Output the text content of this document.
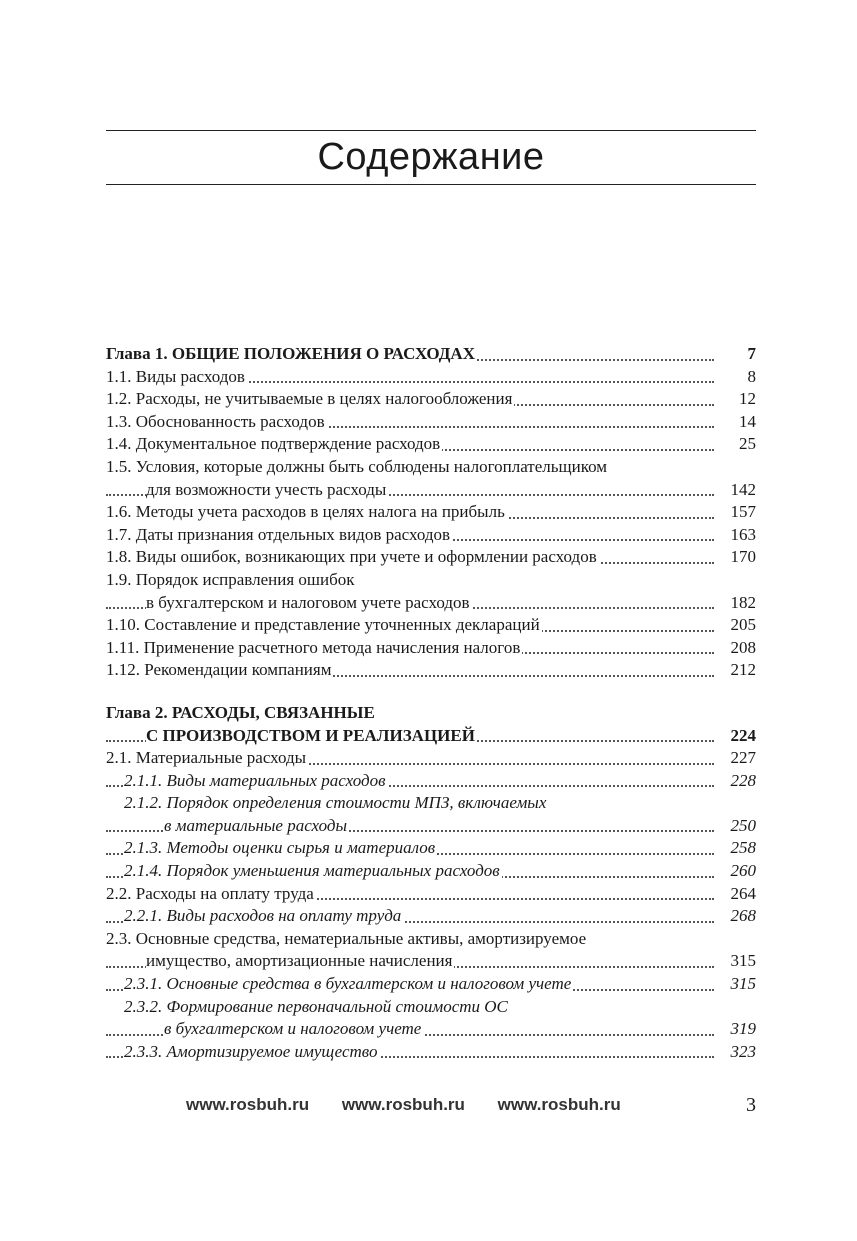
Содержание
Глава 1. ОБЩИЕ ПОЛОЖЕНИЯ О РАСХОДАХ	7
1.1. Виды расходов	8
1.2. Расходы, не учитываемые в целях налогообложения	12
1.3. Обоснованность расходов	14
1.4. Документальное подтверждение расходов	25
1.5. Условия, которые должны быть соблюдены налогоплательщиком
для возможности учесть расходы	142
1.6. Методы учета расходов в целях налога на прибыль	157
1.7. Даты признания отдельных видов расходов	163
1.8. Виды ошибок, возникающих при учете и оформлении расходов	170
1.9. Порядок исправления ошибок
в бухгалтерском и налоговом учете расходов	182
1.10. Составление и представление уточненных деклараций	205
1.11. Применение расчетного метода начисления налогов	208
1.12. Рекомендации компаниям	212
Глава 2. РАСХОДЫ, СВЯЗАННЫЕ
С ПРОИЗВОДСТВОМ И РЕАЛИЗАЦИЕЙ	224
2.1. Материальные расходы	227
2.1.1. Виды материальных расходов	228
2.1.2. Порядок определения стоимости МПЗ, включаемых
в материальные расходы	250
2.1.3. Методы оценки сырья и материалов	258
2.1.4. Порядок уменьшения материальных расходов	260
2.2. Расходы на оплату труда	264
2.2.1. Виды расходов на оплату труда	268
2.3. Основные средства, нематериальные активы, амортизируемое
имущество, амортизационные начисления	315
2.3.1. Основные средства в бухгалтерском и налоговом учете	315
2.3.2. Формирование первоначальной стоимости ОС
в бухгалтерском и налоговом учете	319
2.3.3. Амортизируемое имущество	323
www.rosbuh.ru www.rosbuh.ru www.rosbuh.ru	3
